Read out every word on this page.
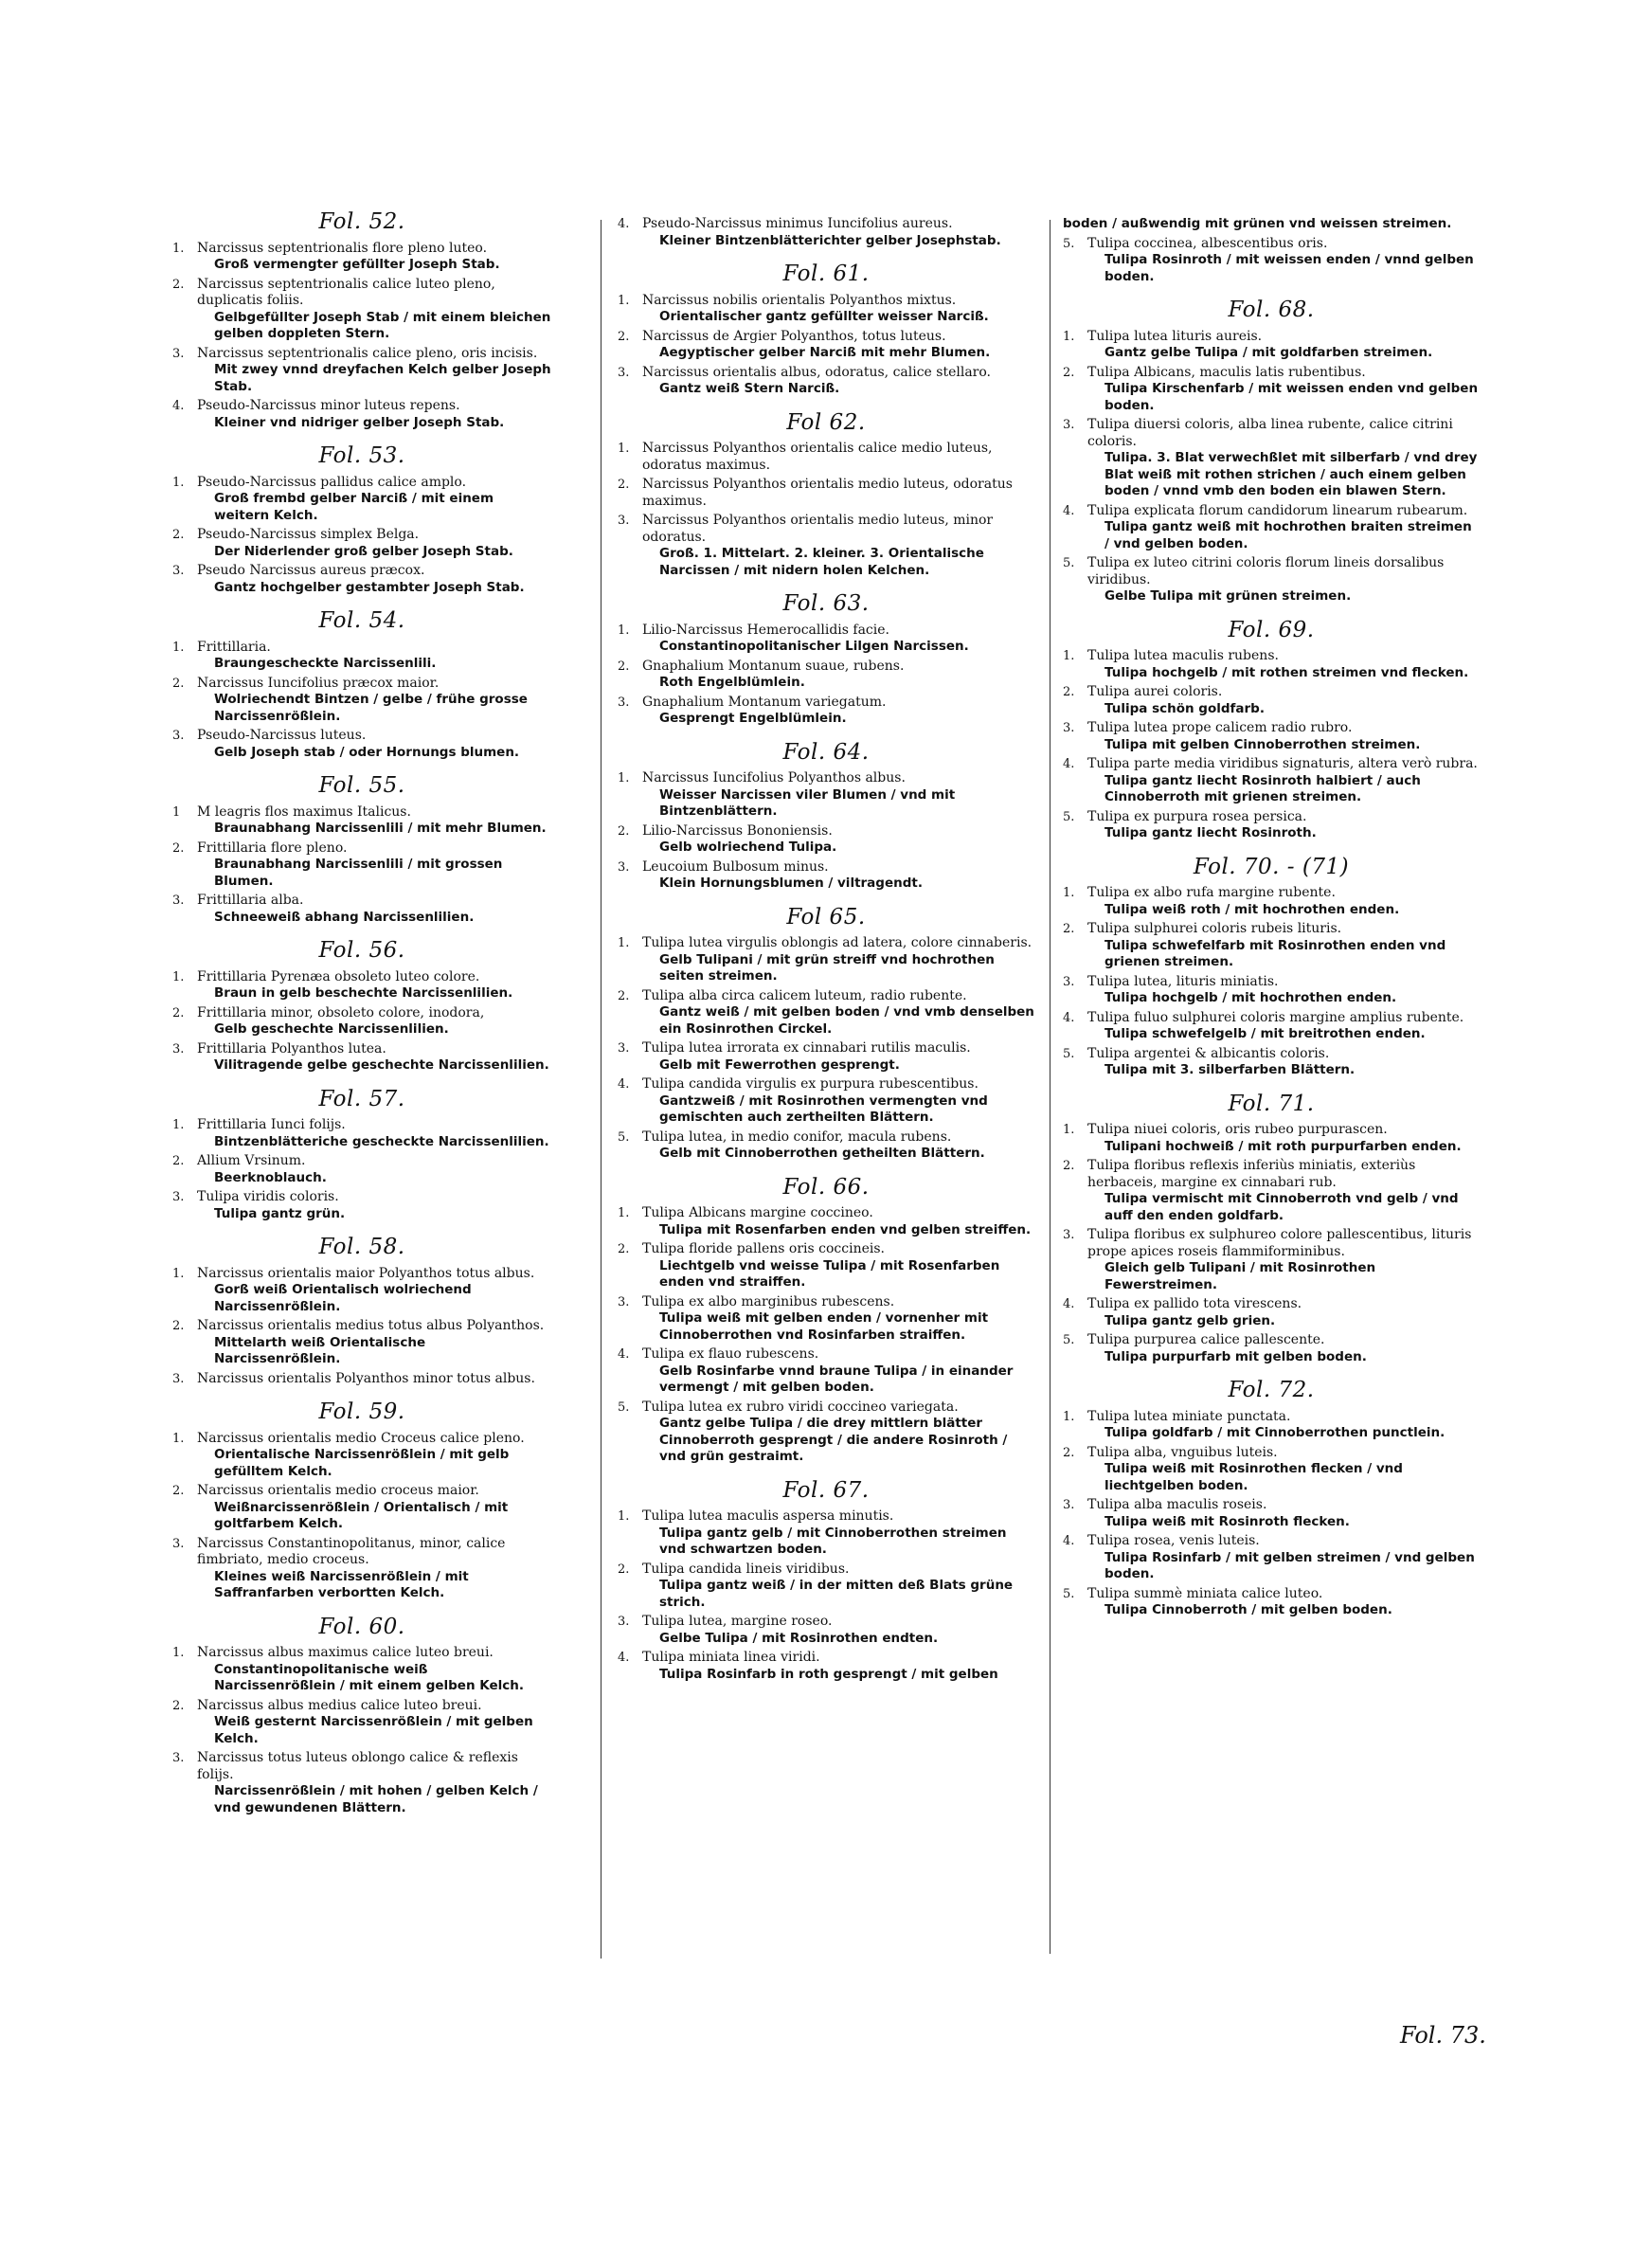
Fol. 52.
1. Narcissus septentrionalis flore pleno luteo.
Groß vermengter gefüllter Joseph Stab.
2. Narcissus septentrionalis calice luteo pleno, duplicatis foliis.
Gelbgefüllter Joseph Stab / mit einem bleichen gelben doppleten Stern.
3. Narcissus septentrionalis calice pleno, oris incisis.
Mit zwey vnnd dreyfachen Kelch gelber Joseph Stab.
4. Pseudo-Narcissus minor luteus repens.
Kleiner vnd nidriger gelber Joseph Stab.
Fol. 53.
1. Pseudo-Narcissus pallidus calice amplo.
Groß frembd gelber Narciß / mit einem weitern Kelch.
2. Pseudo-Narcissus simplex Belga.
Der Niderlender groß gelber Joseph Stab.
3. Pseudo Narcissus aureus præcox.
Gantz hochgelber gestambter Joseph Stab.
Fol. 54.
1. Frittillaria.
Braungescheckte Narcissenlili.
2. Narcissus Iuncifolius præcox maior.
Wolriechendt Bintzen / gelbe / frühe grosse Narcissenrößlein.
3. Pseudo-Narcissus luteus.
Gelb Joseph stab / oder Hornungs blumen.
Fol. 55.
1	M leagris flos maximus Italicus.
Braunabhang Narcissenlili / mit mehr Blumen.
2. Frittillaria flore pleno.
Braunabhang Narcissenlili / mit grossen Blumen.
3. Frittillaria alba.
Schneeweiß abhang Narcissenlilien.
Fol. 56.
1. Frittillaria Pyrenæa obsoleto luteo colore.
Braun in gelb beschechte Narcissenlilien.
2. Frittillaria minor, obsoleto colore, inodora,
Gelb geschechte Narcissenlilien.
3. Frittillaria Polyanthos lutea.
Vilitragende gelbe geschechte Narcissenlilien.
Fol. 57.
1. Frittillaria Iunci folijs.
Bintzenblätteriche gescheckte Narcissenlilien.
2. Allium Vrsinum.
Beerknoblauch.
3. Tulipa viridis coloris.
Tulipa gantz grün.
Fol. 58.
1. Narcissus orientalis maior Polyanthos totus albus.
Gorß weiß Orientalisch wolriechend Narcissenrößlein.
2. Narcissus orientalis medius totus albus Polyanthos.
Mittelarth weiß Orientalische Narcissenrößlein.
3. Narcissus orientalis Polyanthos minor totus albus.
Fol. 59.
1. Narcissus orientalis medio Croceus calice pleno.
Orientalische Narcissenrößlein / mit gelb gefülltem Kelch.
2. Narcissus orientalis medio croceus maior.
Weißnarcissenrößlein / Orientalisch / mit goltfarbem Kelch.
3. Narcissus Constantinopolitanus, minor, calice fimbriato, medio croceus.
Kleines weiß Narcissenrößlein / mit Saffranfarben verbortten Kelch.
Fol. 60.
1. Narcissus albus maximus calice luteo breui.
Constantinopolitanische weiß Narcissenrößlein / mit einem gelben Kelch.
2. Narcissus albus medius calice luteo breui.
Weiß gesternt Narcissenrößlein / mit gelben Kelch.
3. Narcissus totus luteus oblongo calice & reflexis folijs.
Narcissenrößlein / mit hohen / gelben Kelch / vnd gewundenen Blättern.
4. Pseudo-Narcissus minimus Iuncifolius aureus.
Kleiner Bintzenblätterichter gelber Josephstab.
Fol. 61.
1. Narcissus nobilis orientalis Polyanthos mixtus.
Orientalischer gantz gefüllter weisser Narciß.
2. Narcissus de Argier Polyanthos, totus luteus.
Aegyptischer gelber Narciß mit mehr Blumen.
3. Narcissus orientalis albus, odoratus, calice stellaro.
Gantz weiß Stern Narciß.
Fol 62.
1. Narcissus Polyanthos orientalis calice medio luteus, odoratus maximus.
2. Narcissus Polyanthos orientalis medio luteus, odoratus maximus.
3. Narcissus Polyanthos orientalis medio luteus, minor odoratus.
Groß. 1. Mittelart. 2. kleiner. 3. Orientalische Narcissen / mit nidern holen Kelchen.
Fol. 63.
1. Lilio-Narcissus Hemerocallidis facie.
Constantinopolitanischer Lilgen Narcissen.
2. Gnaphalium Montanum suaue, rubens.
Roth Engelblümlein.
3. Gnaphalium Montanum variegatum.
Gesprengt Engelblümlein.
Fol. 64.
1. Narcissus Iuncifolius Polyanthos albus.
Weisser Narcissen viler Blumen / vnd mit Bintzenblättern.
2. Lilio-Narcissus Bononiensis.
Gelb wolriechend Tulipa.
3. Leucoium Bulbosum minus.
Klein Hornungsblumen / viltragendt.
Fol 65.
1. Tulipa lutea virgulis oblongis ad latera, colore cinnaberis.
Gelb Tulipani / mit grün streiff vnd hochrothen seiten streimen.
2. Tulipa alba circa calicem luteum, radio rubente.
Gantz weiß / mit gelben boden / vnd vmb denselben ein Rosinrothen Circkel.
3. Tulipa lutea irrorata ex cinnabari rutilis maculis.
Gelb mit Fewerrothen gesprengt.
4. Tulipa candida virgulis ex purpura rubescentibus.
Gantzweiß / mit Rosinrothen vermengten vnd gemischten auch zertheilten Blättern.
5. Tulipa lutea, in medio conifor, macula rubens.
Gelb mit Cinnoberrothen getheilten Blättern.
Fol. 66.
1. Tulipa Albicans margine coccineo.
Tulipa mit Rosenfarben enden vnd gelben streiffen.
2. Tulipa floride pallens oris coccineis.
Liechtgelb vnd weisse Tulipa / mit Rosenfarben enden vnd straiffen.
3. Tulipa ex albo marginibus rubescens.
Tulipa weiß mit gelben enden / vornenher mit Cinnoberrothen vnd Rosinfarben straiffen.
4. Tulipa ex flauo rubescens.
Gelb Rosinfarbe vnnd braune Tulipa / in einander vermengt / mit gelben boden.
5. Tulipa lutea ex rubro viridi coccineo variegata.
Gantz gelbe Tulipa / die drey mittlern blätter Cinnoberroth gesprengt / die andere Rosinroth / vnd grün gestraimt.
Fol. 67.
1. Tulipa lutea maculis aspersa minutis.
Tulipa gantz gelb / mit Cinnoberrothen streimen vnd schwartzen boden.
2. Tulipa candida lineis viridibus.
Tulipa gantz weiß / in der mitten deß Blats grüne strich.
3. Tulipa lutea, margine roseo.
Gelbe Tulipa / mit Rosinrothen endten.
4. Tulipa miniata linea viridi.
Tulipa Rosinfarb in roth gesprengt / mit gelben
boden / außwendig mit grünen vnd weissen streimen.
5. Tulipa coccinea, albescentibus oris.
Tulipa Rosinroth / mit weissen enden / vnnd gelben boden.
Fol. 68.
1. Tulipa lutea lituris aureis.
Gantz gelbe Tulipa / mit goldfarben streimen.
2. Tulipa Albicans, maculis latis rubentibus.
Tulipa Kirschenfarb / mit weissen enden vnd gelben boden.
3. Tulipa diuersi coloris, alba linea rubente, calice citrini coloris.
Tulipa. 3. Blat verwechßlet mit silberfarb / vnd drey Blat weiß mit rothen strichen / auch einem gelben boden / vnnd vmb den boden ein blawen Stern.
4. Tulipa explicata florum candidorum linearum rubearum.
Tulipa gantz weiß mit hochrothen braiten streimen / vnd gelben boden.
5. Tulipa ex luteo citrini coloris florum lineis dorsalibus viridibus.
Gelbe Tulipa mit grünen streimen.
Fol. 69.
1. Tulipa lutea maculis rubens.
Tulipa hochgelb / mit rothen streimen vnd flecken.
2. Tulipa aurei coloris.
Tulipa schön goldfarb.
3. Tulipa lutea prope calicem radio rubro.
Tulipa mit gelben Cinnoberrothen streimen.
4. Tulipa parte media viridibus signaturis, altera verò rubra.
Tulipa gantz liecht Rosinroth halbiert / auch Cinnoberroth mit grienen streimen.
5. Tulipa ex purpura rosea persica.
Tulipa gantz liecht Rosinroth.
Fol. 70. - (71)
1. Tulipa ex albo rufa margine rubente.
Tulipa weiß roth / mit hochrothen enden.
2. Tulipa sulphurei coloris rubeis lituris.
Tulipa schwefelfarb mit Rosinrothen enden vnd grienen streimen.
3. Tulipa lutea, lituris miniatis.
Tulipa hochgelb / mit hochrothen enden.
4. Tulipa fuluo sulphurei coloris margine amplius rubente.
Tulipa schwefelgelb / mit breitrothen enden.
5. Tulipa argentei & albicantis coloris.
Tulipa mit 3. silberfarben Blättern.
Fol. 71.
1. Tulipa niuei coloris, oris rubeo purpurascen.
Tulipani hochweiß / mit roth purpurfarben enden.
2. Tulipa floribus reflexis inferiùs miniatis, exteriùs herbaceis, margine ex cinnabari rub.
Tulipa vermischt mit Cinnoberroth vnd gelb / vnd auff den enden goldfarb.
3. Tulipa floribus ex sulphureo colore pallescentibus, lituris prope apices roseis flammiforminibus.
Gleich gelb Tulipani / mit Rosinrothen Fewerstreimen.
4. Tulipa ex pallido tota virescens.
Tulipa gantz gelb grien.
5. Tulipa purpurea calice pallescente.
Tulipa purpurfarb mit gelben boden.
Fol. 72.
1. Tulipa lutea miniate punctata.
Tulipa goldfarb / mit Cinnoberrothen punctlein.
2. Tulipa alba, vnguibus luteis.
Tulipa weiß mit Rosinrothen flecken / vnd liechtgelben boden.
3. Tulipa alba maculis roseis.
Tulipa weiß mit Rosinroth flecken.
4. Tulipa rosea, venis luteis.
Tulipa Rosinfarb / mit gelben streimen / vnd gelben boden.
5. Tulipa summè miniata calice luteo.
Tulipa Cinnoberroth / mit gelben boden.
Fol. 73.
